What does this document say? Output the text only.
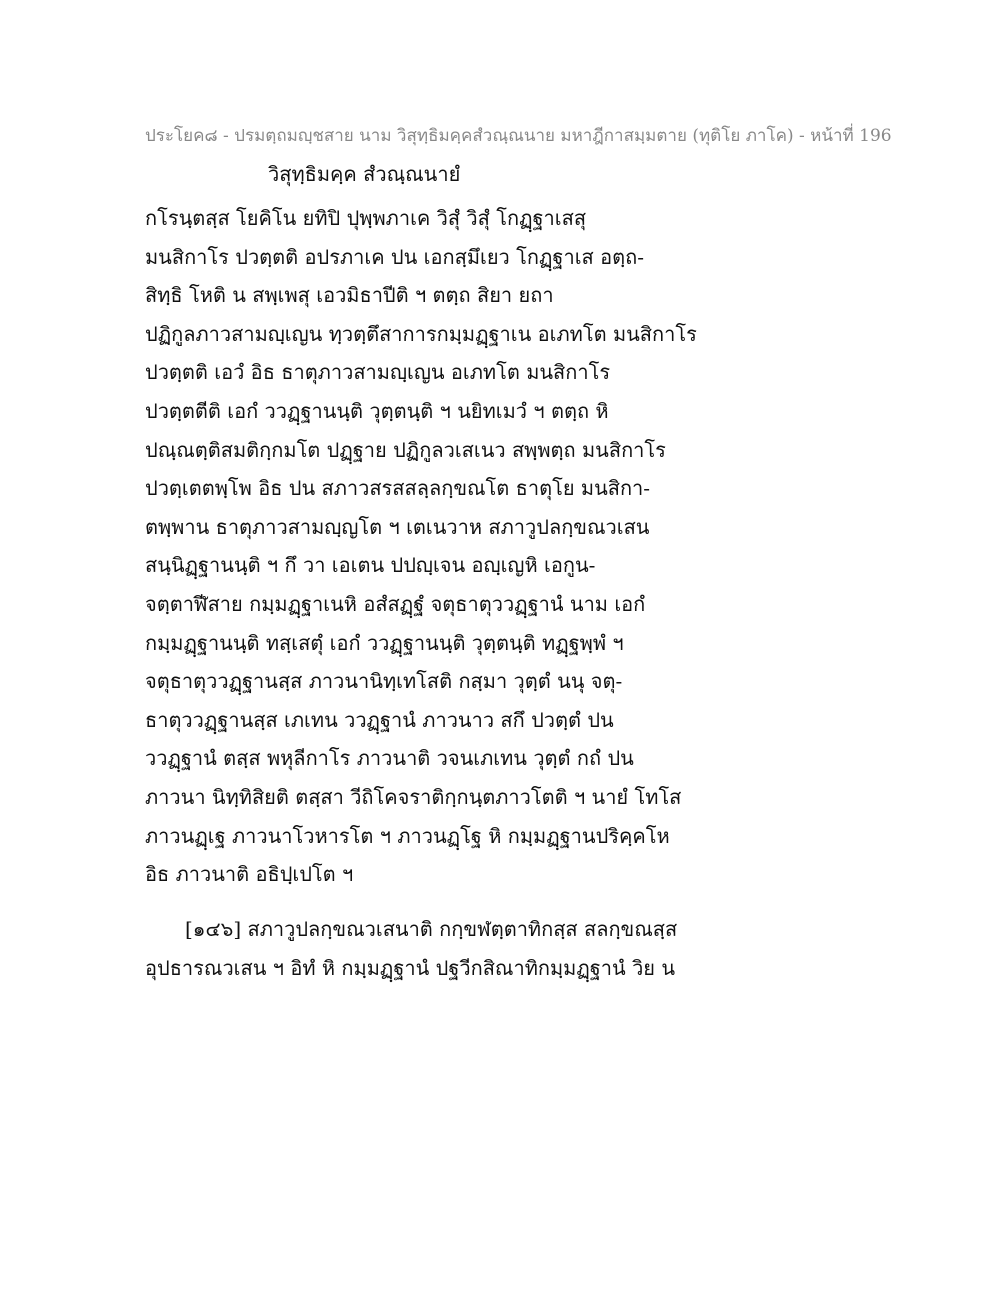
ประโยค๘ - ปรมตฺถมญฺชสาย นาม วิสุทฺธิมคฺคสํวณฺณนาย มหาฎีกาสมฺมตาย (ทุติโย ภาโค) - หน้าที่ 196
วิสุทฺธิมคฺค สํวณฺณนายํ
กโรนฺตสฺส โยคิโน ยทิปิ ปุพฺพภาเค วิสุํ วิสุํ โกฏฺฐาเสสุ
มนสิกาโร ปวตฺตติ อปรภาเค ปน เอกสฺมึเยว โกฏฺฐาเส อตฺถ-
สิทฺธิ โหติ น สพฺเพสุ เอวมิธาปีติ ฯ ตตฺถ สิยา ยถา
ปฏิกูลภาวสามญฺเญน ทฺวตฺตึสาการกมฺมฏฺฐาเน อเภทโต มนสิกาโร
ปวตฺตติ เอวํ อิธ ธาตุภาวสามญฺเญน อเภทโต มนสิกาโร
ปวตฺตตีติ เอกํ ววฏฺฐานนฺติ วุตฺตนฺติ ฯ นยิทเมวํ ฯ ตตฺถ หิ
ปณฺณตฺติสมติกฺกมโต ปฏฺฐาย ปฏิกูลวเสเนว สพฺพตฺถ มนสิกาโร
ปวตฺเตตพฺโพ อิธ ปน สภาวสรสสลฺลกฺขณโต ธาตุโย มนสิกา-
ตพฺพาน ธาตุภาวสามญฺญโต ฯ เตเนวาห สภาวูปลกฺขณวเสน
สนฺนิฏฺฐานนฺติ ฯ กึ วา เอเตน ปปญฺเจน อญฺเญหิ เอกูน-
จตฺตาฬีสาย กมฺมฏฺฐาเนหิ อสํสฏฺฐํ จตุธาตุววฏฺฐานํ นาม เอกํ
กมฺมฏฺฐานนฺติ ทสฺเสตุํ เอกํ ววฏฺฐานนฺติ วุตฺตนฺติ ทฏฺฐพฺพํ ฯ
จตุธาตุววฏฺฐานสฺส ภาวนานิทฺเทโสติ กสฺมา วุตฺตํ นนุ จตุ-
ธาตุววฏฺฐานสฺส เภเทน ววฏฺฐานํ ภาวนาว สกึ ปวตฺตํ ปน
ววฏฺฐานํ ตสฺส พหุลีกาโร ภาวนาติ วจนเภเทน วุตฺตํ กถํ ปน
ภาวนา นิทฺทิสิยติ ตสฺสา วีถิโคจราติกฺกนฺตภาวโตติ ฯ นายํ โทโส
ภาวนฏฺเฐ ภาวนาโวหารโต ฯ ภาวนฏฺโฐ หิ กมฺมฏฺฐานปริคฺคโห
อิธ ภาวนาติ อธิปฺเปโต ฯ
[๑๔๖] สภาวูปลกฺขณวเสนาติ กกฺขฬตฺตาทิกสฺส สลกฺขณสฺส
อุปธารณวเสน ฯ อิทํ หิ กมฺมฏฺฐานํ ปฐวีกสิณาทิกมฺมฏฺฐานํ วิย น
